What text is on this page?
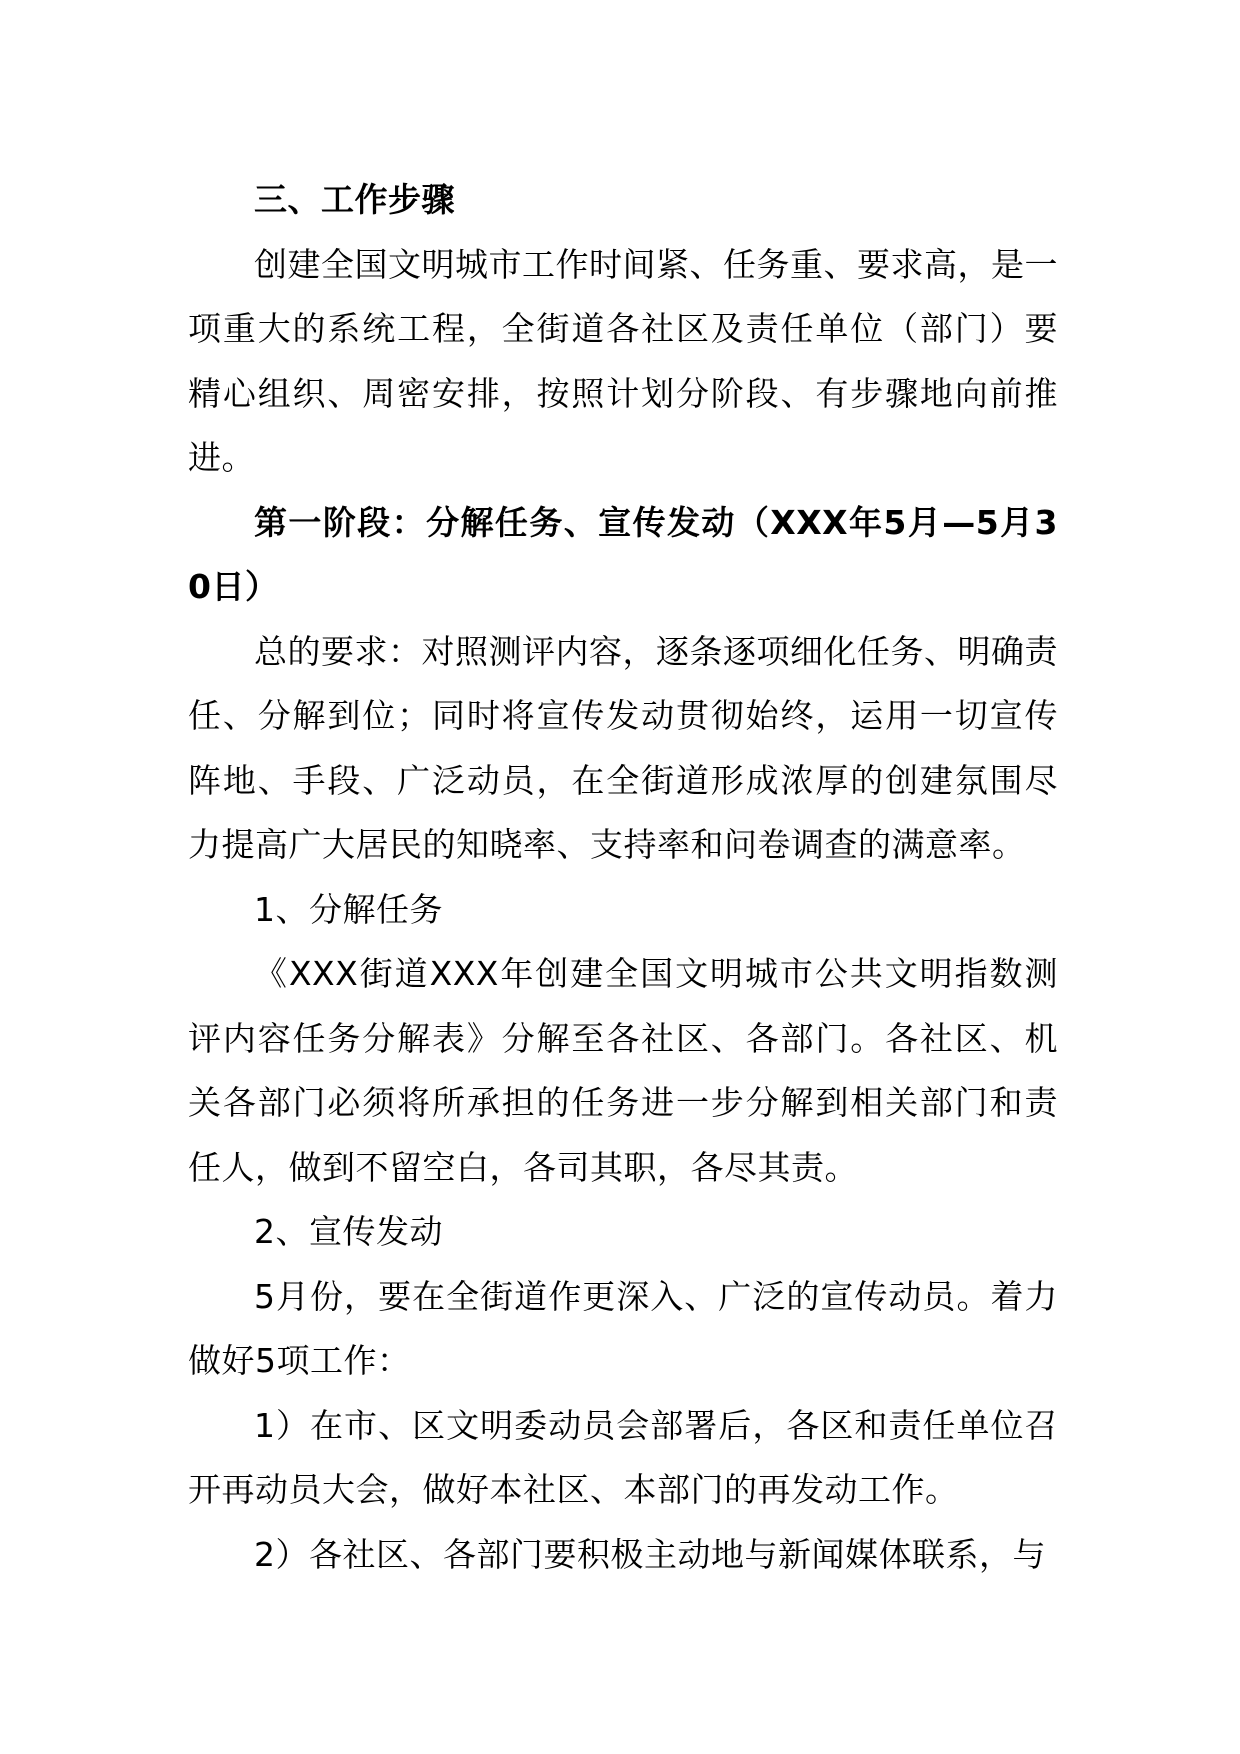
三、工作步骤

创建全国文明城市工作时间紧、任务重、要求高，是一项重大的系统工程，全街道各社区及责任单位（部门）要精心组织、周密安排，按照计划分阶段、有步骤地向前推进。

第一阶段：分解任务、宣传发动（XXX年5月—5月30日）

总的要求：对照测评内容，逐条逐项细化任务、明确责任、分解到位；同时将宣传发动贯彻始终，运用一切宣传阵地、手段、广泛动员，在全街道形成浓厚的创建氛围尽力提高广大居民的知晓率、支持率和问卷调查的满意率。

1、分解任务

《XXX街道XXX年创建全国文明城市公共文明指数测评内容任务分解表》分解至各社区、各部门。各社区、机关各部门必须将所承担的任务进一步分解到相关部门和责任人，做到不留空白，各司其职，各尽其责。

2、宣传发动

5月份，要在全街道作更深入、广泛的宣传动员。着力做好5项工作：

1）在市、区文明委动员会部署后，各区和责任单位召开再动员大会，做好本社区、本部门的再发动工作。

2）各社区、各部门要积极主动地与新闻媒体联系，与
